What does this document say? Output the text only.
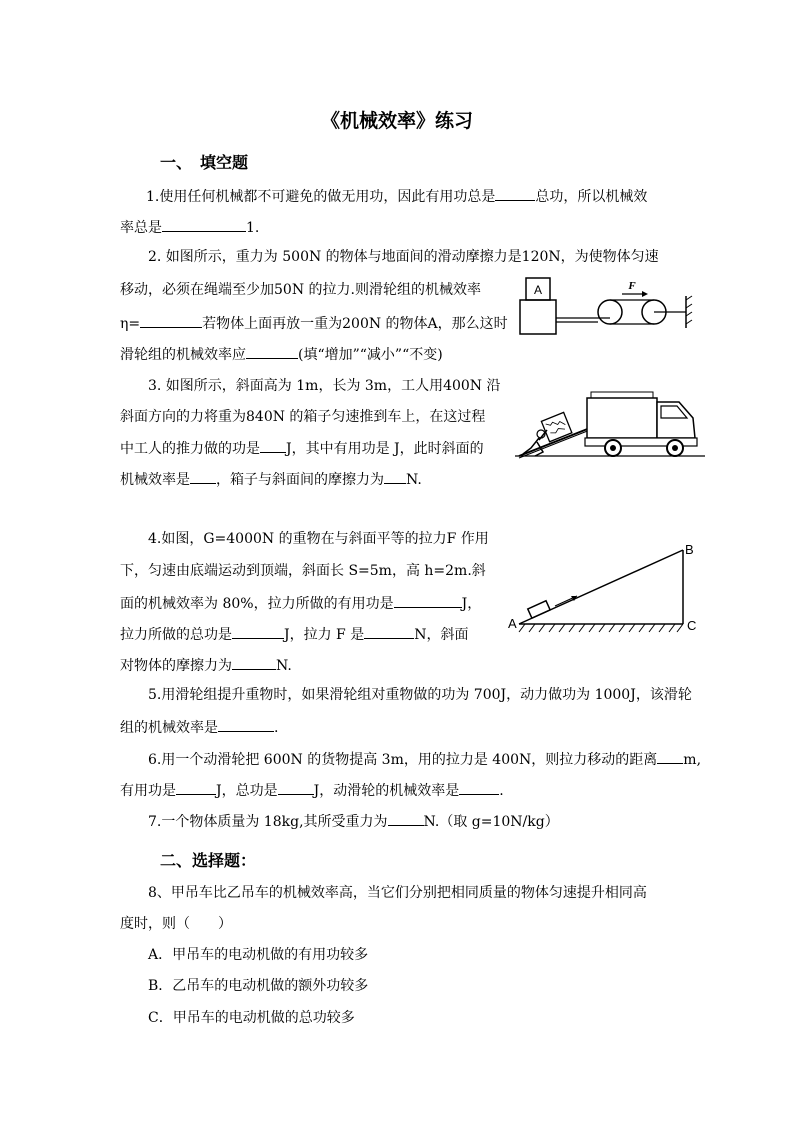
《机械效率》练习
一、　填空题
1.使用任何机械都不可避免的做无用功，因此有用功总是	总功，所以机械效
率总是	1.
2. 如图所示，重力为 500N 的物体与地面间的滑动摩擦力是120N，为使物体匀速
移动，必须在绳端至少加50N 的拉力.则滑轮组的机械效率
η=	若物体上面再放一重为200N 的物体A，那么这时
滑轮组的机械效率应	(填“增加”“减小”“不变)
A	F
3. 如图所示，斜面高为 1m，长为 3m，工人用400N 沿
斜面方向的力将重为840N 的箱子匀速推到车上，在这过程
中工人的推力做的功是 J，其中有用功是 J，此时斜面的
机械效率是 ，箱子与斜面间的摩擦力为 N.
4.如图，G=4000N 的重物在与斜面平等的拉力F 作用
下，匀速由底端运动到顶端，斜面长 S=5m，高 h=2m.斜
面的机械效率为 80%，拉力所做的有用功是	J，
拉力所做的总功是	J，拉力 F 是	N，斜面
对物体的摩擦力为	N.
A
B
C
5.用滑轮组提升重物时，如果滑轮组对重物做的功为 700J，动力做功为 1000J，该滑轮
组的机械效率是	.
6.用一个动滑轮把 600N 的货物提高 3m，用的拉力是 400N，则拉力移动的距离 m,
有用功是	J，总功是	J，动滑轮的机械效率是	.
7.一个物体质量为 18kg,其所受重力为	N.（取 g=10N/kg）
二、选择题：
8、甲吊车比乙吊车的机械效率高，当它们分别把相同质量的物体匀速提升相同高
度时，则（　　）
A．甲吊车的电动机做的有用功较多
B．乙吊车的电动机做的额外功较多
C．甲吊车的电动机做的总功较多
